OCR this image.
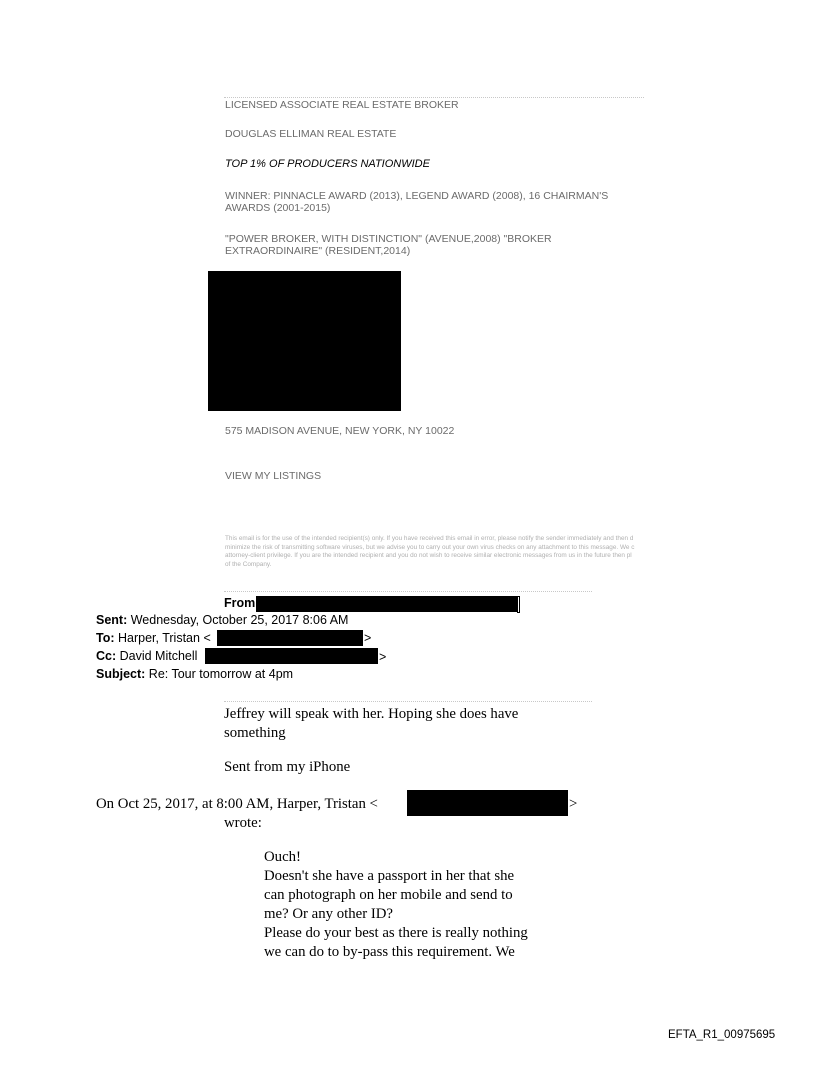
LICENSED ASSOCIATE REAL ESTATE BROKER
DOUGLAS ELLIMAN REAL ESTATE
TOP 1% OF PRODUCERS NATIONWIDE
WINNER: PINNACLE AWARD (2013), LEGEND AWARD (2008), 16 CHAIRMAN'S AWARDS (2001-2015)
"POWER BROKER, WITH DISTINCTION" (AVENUE,2008) "BROKER EXTRAORDINAIRE" (RESIDENT,2014)
575 MADISON AVENUE, NEW YORK, NY 10022
VIEW MY LISTINGS
This email is for the use of the intended recipient(s) only. If you have received this email in error, please notify the sender immediately and then d
minimize the risk of transmitting software viruses, but we advise you to carry out your own virus checks on any attachment to this message. We c
attorney-client privilege. If you are the intended recipient and you do not wish to receive similar electronic messages from us in the future then pl
of the Company.
From
Sent: Wednesday, October 25, 2017 8:06 AM
To: Harper, Tristan <	>
Cc: David Mitchell	>
Subject: Re: Tour tomorrow at 4pm
Jeffrey will speak with her. Hoping she does have
something
Sent from my iPhone
On Oct 25, 2017, at 8:00 AM, Harper, Tristan <	>
wrote:
Ouch!
Doesn't she have a passport in her that she
can photograph on her mobile and send to
me? Or any other ID?
Please do your best as there is really nothing
we can do to by-pass this requirement. We
EFTA_R1_00975695
